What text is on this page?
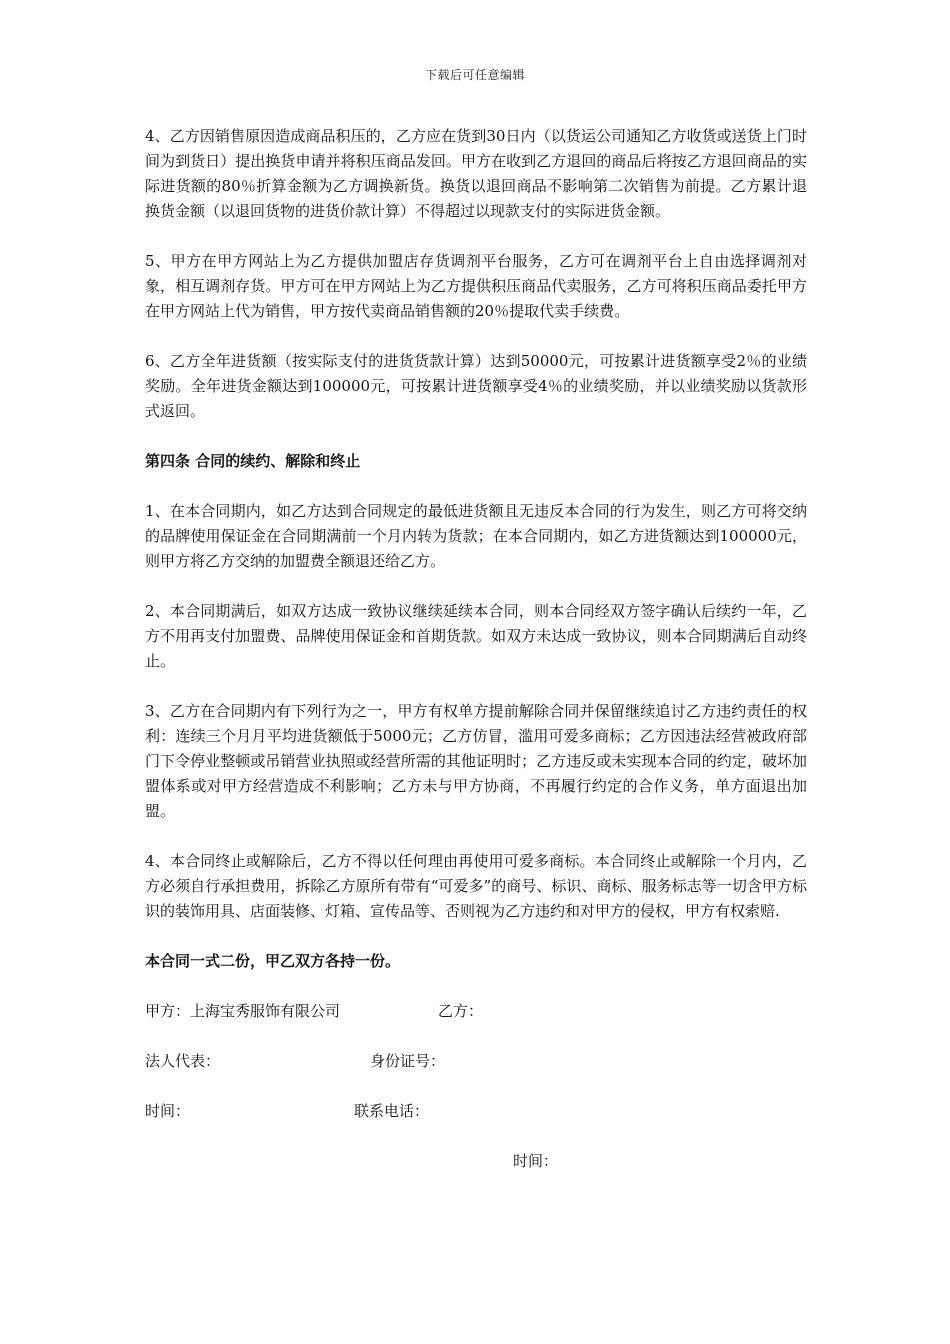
下载后可任意编辑

4、乙方因销售原因造成商品积压的，乙方应在货到30日内（以货运公司通知乙方收货或送货上门时间为到货日）提出换货申请并将积压商品发回。甲方在收到乙方退回的商品后将按乙方退回商品的实际进货额的80％折算金额为乙方调换新货。换货以退回商品不影响第二次销售为前提。乙方累计退换货金额（以退回货物的进货价款计算）不得超过以现款支付的实际进货金额。

5、甲方在甲方网站上为乙方提供加盟店存货调剂平台服务，乙方可在调剂平台上自由选择调剂对象，相互调剂存货。甲方可在甲方网站上为乙方提供积压商品代卖服务，乙方可将积压商品委托甲方在甲方网站上代为销售，甲方按代卖商品销售额的20％提取代卖手续费。

6、乙方全年进货额（按实际支付的进货货款计算）达到50000元，可按累计进货额享受2％的业绩奖励。全年进货金额达到100000元，可按累计进货额享受4％的业绩奖励，并以业绩奖励以货款形式返回。

第四条 合同的续约、解除和终止

1、在本合同期内，如乙方达到合同规定的最低进货额且无违反本合同的行为发生，则乙方可将交纳的品牌使用保证金在合同期满前一个月内转为货款；在本合同期内，如乙方进货额达到100000元，则甲方将乙方交纳的加盟费全额退还给乙方。

2、本合同期满后，如双方达成一致协议继续延续本合同，则本合同经双方签字确认后续约一年，乙方不用再支付加盟费、品牌使用保证金和首期货款。如双方未达成一致协议，则本合同期满后自动终止。

3、乙方在合同期内有下列行为之一，甲方有权单方提前解除合同并保留继续追讨乙方违约责任的权利：连续三个月月平均进货额低于5000元；乙方仿冒，滥用可爱多商标；乙方因违法经营被政府部门下令停业整顿或吊销营业执照或经营所需的其他证明时；乙方违反或未实现本合同的约定，破坏加盟体系或对甲方经营造成不利影响；乙方未与甲方协商，不再履行约定的合作义务，单方面退出加盟。

4、本合同终止或解除后，乙方不得以任何理由再使用可爱多商标。本合同终止或解除一个月内，乙方必须自行承担费用，拆除乙方原所有带有“可爱多”的商号、标识、商标、服务标志等一切含甲方标识的装饰用具、店面装修、灯箱、宣传品等、否则视为乙方违约和对甲方的侵权，甲方有权索赔.

本合同一式二份，甲乙双方各持一份。

甲方：上海宝秀服饰有限公司	乙方：
法人代表：	身份证号：
时间：	联系电话：
时间：
